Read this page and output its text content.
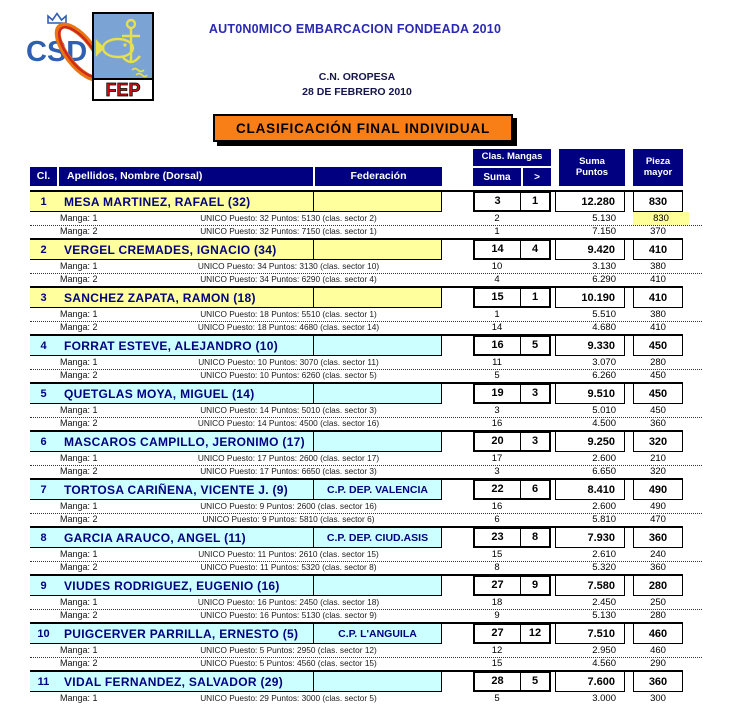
CSD
FEP
AUT0N0MICO EMBARCACION FONDEADA 2010
C.N. OROPESA
28 DE FEBRERO 2010
CLASIFICACIÓN FINAL INDIVIDUAL
Cl.	Apellidos, Nombre (Dorsal)	Federación
Clas. Mangas
Suma	>
Suma Puntos
Pieza mayor
1	MESA MARTINEZ, RAFAEL (32)	3	1	12.280	830
Manga: 1	UNICO Puesto: 32 Puntos: 5130 (clas. sector 2)	2	5.130	830
Manga: 2	UNICO Puesto: 32 Puntos: 7150 (clas. sector 1)	1	7.150	370
2	VERGEL CREMADES, IGNACIO (34)	14	4	9.420	410
Manga: 1	UNICO Puesto: 34 Puntos: 3130 (clas. sector 10)	10	3.130	380
Manga: 2	UNICO Puesto: 34 Puntos: 6290 (clas. sector 4)	4	6.290	410
3	SANCHEZ ZAPATA, RAMON (18)	15	1	10.190	410
Manga: 1	UNICO Puesto: 18 Puntos: 5510 (clas. sector 1)	1	5.510	380
Manga: 2	UNICO Puesto: 18 Puntos: 4680 (clas. sector 14)	14	4.680	410
4	FORRAT ESTEVE, ALEJANDRO (10)	16	5	9.330	450
Manga: 1	UNICO Puesto: 10 Puntos: 3070 (clas. sector 11)	11	3.070	280
Manga: 2	UNICO Puesto: 10 Puntos: 6260 (clas. sector 5)	5	6.260	450
5	QUETGLAS MOYA, MIGUEL (14)	19	3	9.510	450
Manga: 1	UNICO Puesto: 14 Puntos: 5010 (clas. sector 3)	3	5.010	450
Manga: 2	UNICO Puesto: 14 Puntos: 4500 (clas. sector 16)	16	4.500	360
6	MASCAROS CAMPILLO, JERONIMO (17)	20	3	9.250	320
Manga: 1	UNICO Puesto: 17 Puntos: 2600 (clas. sector 17)	17	2.600	210
Manga: 2	UNICO Puesto: 17 Puntos: 6650 (clas. sector 3)	3	6.650	320
7	TORTOSA CARIÑENA, VICENTE J. (9)	C.P. DEP. VALENCIA	22	6	8.410	490
Manga: 1	UNICO Puesto: 9 Puntos: 2600 (clas. sector 16)	16	2.600	490
Manga: 2	UNICO Puesto: 9 Puntos: 5810 (clas. sector 6)	6	5.810	470
8	GARCIA ARAUCO, ANGEL (11)	C.P. DEP. CIUD.ASIS	23	8	7.930	360
Manga: 1	UNICO Puesto: 11 Puntos: 2610 (clas. sector 15)	15	2.610	240
Manga: 2	UNICO Puesto: 11 Puntos: 5320 (clas. sector 8)	8	5.320	360
9	VIUDES RODRIGUEZ, EUGENIO (16)	27	9	7.580	280
Manga: 1	UNICO Puesto: 16 Puntos: 2450 (clas. sector 18)	18	2.450	250
Manga: 2	UNICO Puesto: 16 Puntos: 5130 (clas. sector 9)	9	5.130	280
10	PUIGCERVER PARRILLA, ERNESTO (5)	C.P. L'ANGUILA	27	12	7.510	460
Manga: 1	UNICO Puesto: 5 Puntos: 2950 (clas. sector 12)	12	2.950	460
Manga: 2	UNICO Puesto: 5 Puntos: 4560 (clas. sector 15)	15	4.560	290
11	VIDAL FERNANDEZ, SALVADOR (29)	28	5	7.600	360
Manga: 1	UNICO Puesto: 29 Puntos: 3000 (clas. sector 5)	5	3.000	300
